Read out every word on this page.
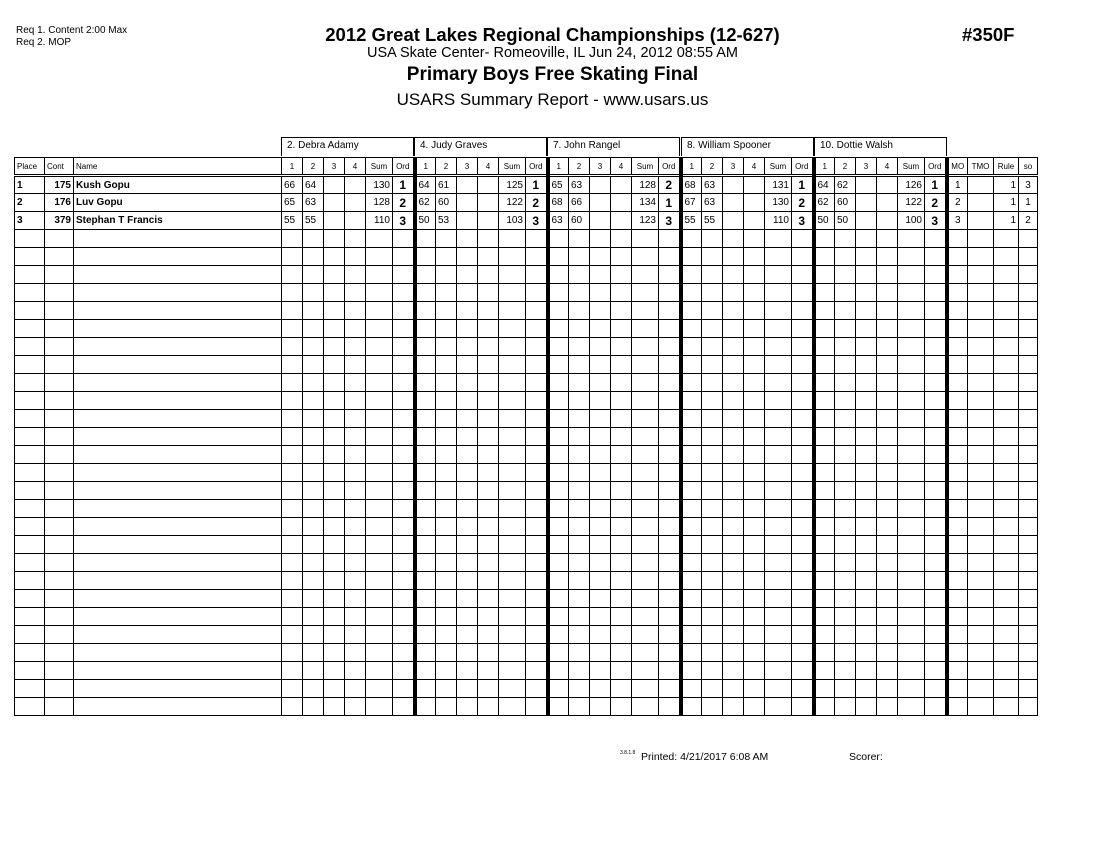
Req 1. Content 2:00 Max
Req 2. MOP	2012 Great Lakes Regional Championships (12-627)
USA Skate Center- Romeoville, IL Jun 24, 2012 08:55 AM
Primary Boys Free Skating Final
USARS Summary Report - www.usars.us
#350F
2. Debra Adamy	4. Judy Graves	7. John Rangel	8. William Spooner	10. Dottie Walsh
Place	Cont	Name	1	2	3	4	Sum	Ord	1	2	3	4	Sum	Ord	1	2	3	4	Sum	Ord	1	2	3	4	Sum	Ord	1	2	3	4	Sum	Ord	MO	TMO	Rule	so
1	175	Kush Gopu	66	64			130	1	64	61			125	1	65	63			128	2	68	63			131	1	64	62			126	1	1		1	3
2	176	Luv Gopu	65	63			128	2	62	60			122	2	68	66			134	1	67	63			130	2	62	60			122	2	2		1	1
3	379	Stephan T Francis	55	55			110	3	50	53			103	3	63	60			123	3	55	55			110	3	50	50			100	3	3		1	2

3.8.1.8 Printed: 4/21/2017 6:08 AM	Scorer:
